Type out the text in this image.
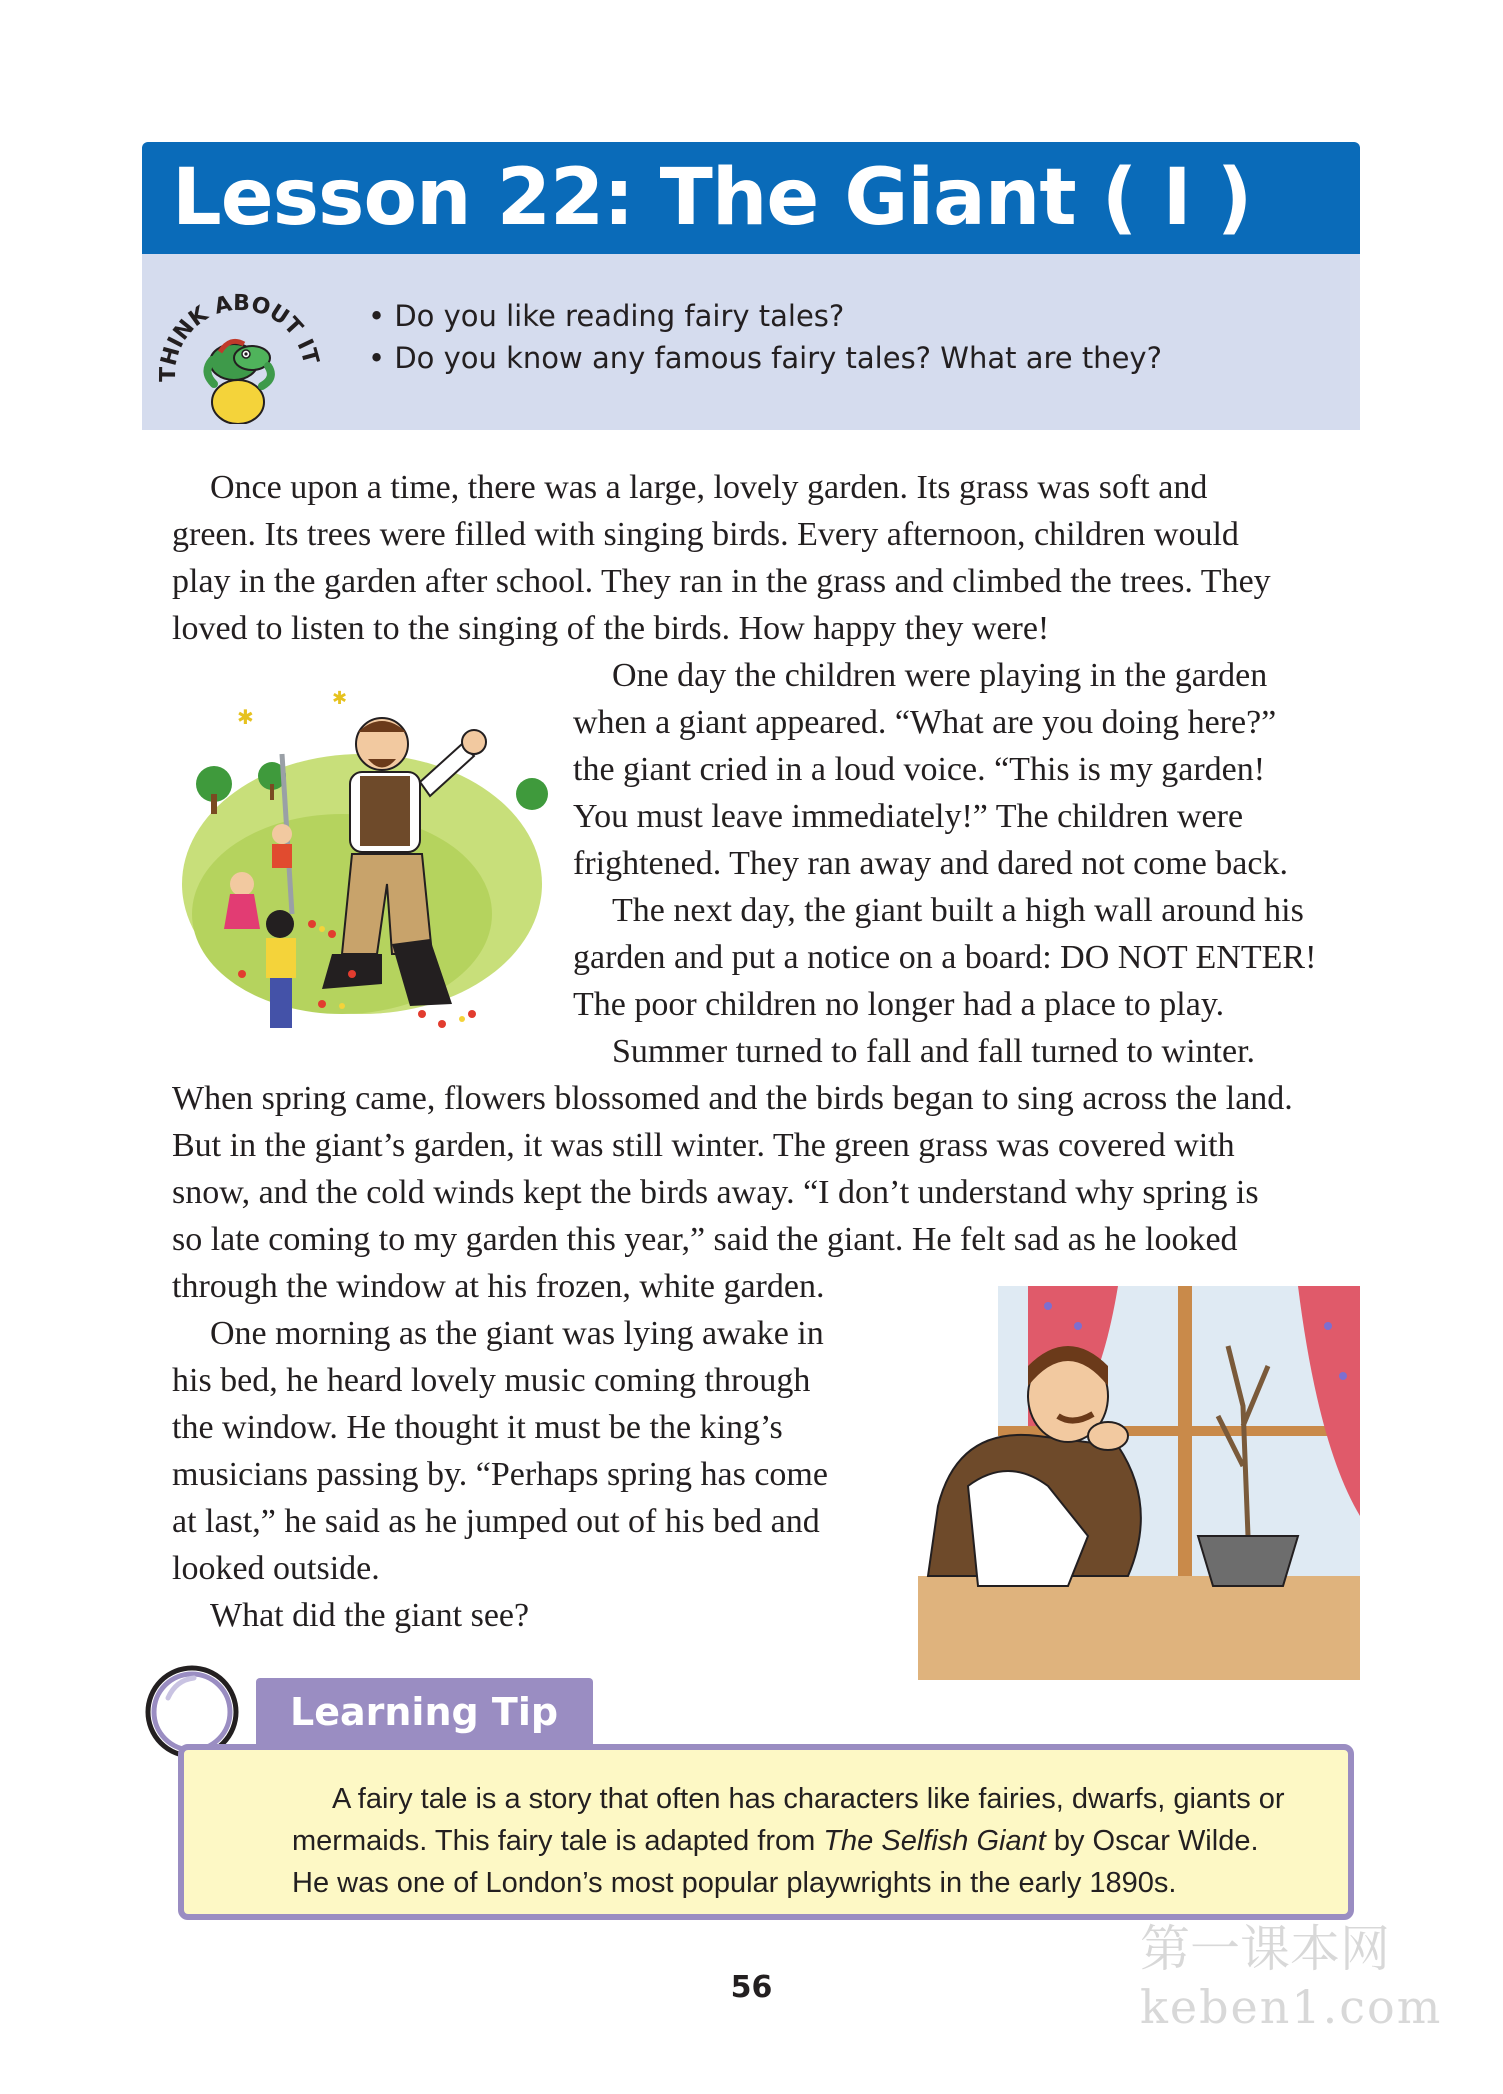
Lesson 22: The Giant ( I )
THINK ABOUT IT
• Do you like reading fairy tales?
• Do you know any famous fairy tales? What are they?
Once upon a time, there was a large, lovely garden. Its grass was soft and
green. Its trees were filled with singing birds. Every afternoon, children would
play in the garden after school. They ran in the grass and climbed the trees. They
loved to listen to the singing of the birds. How happy they were!
One day the children were playing in the garden
when a giant appeared. “What are you doing here?”
the giant cried in a loud voice. “This is my garden!
You must leave immediately!” The children were
frightened. They ran away and dared not come back.
The next day, the giant built a high wall around his
garden and put a notice on a board: DO NOT ENTER!
The poor children no longer had a place to play.
Summer turned to fall and fall turned to winter.
When spring came, flowers blossomed and the birds began to sing across the land.
But in the giant’s garden, it was still winter. The green grass was covered with
snow, and the cold winds kept the birds away. “I don’t understand why spring is
so late coming to my garden this year,” said the giant. He felt sad as he looked
through the window at his frozen, white garden.
One morning as the giant was lying awake in
his bed, he heard lovely music coming through
the window. He thought it must be the king’s
musicians passing by. “Perhaps spring has come
at last,” he said as he jumped out of his bed and
looked outside.
What did the giant see?
✱
✱
A fairy tale is a story that often has characters like fairies, dwarfs, giants or
mermaids. This fairy tale is adapted from The Selfish Giant by Oscar Wilde.
He was one of London’s most popular playwrights in the early 1890s.
Learning Tip
56
第一课本网
keben1.com
